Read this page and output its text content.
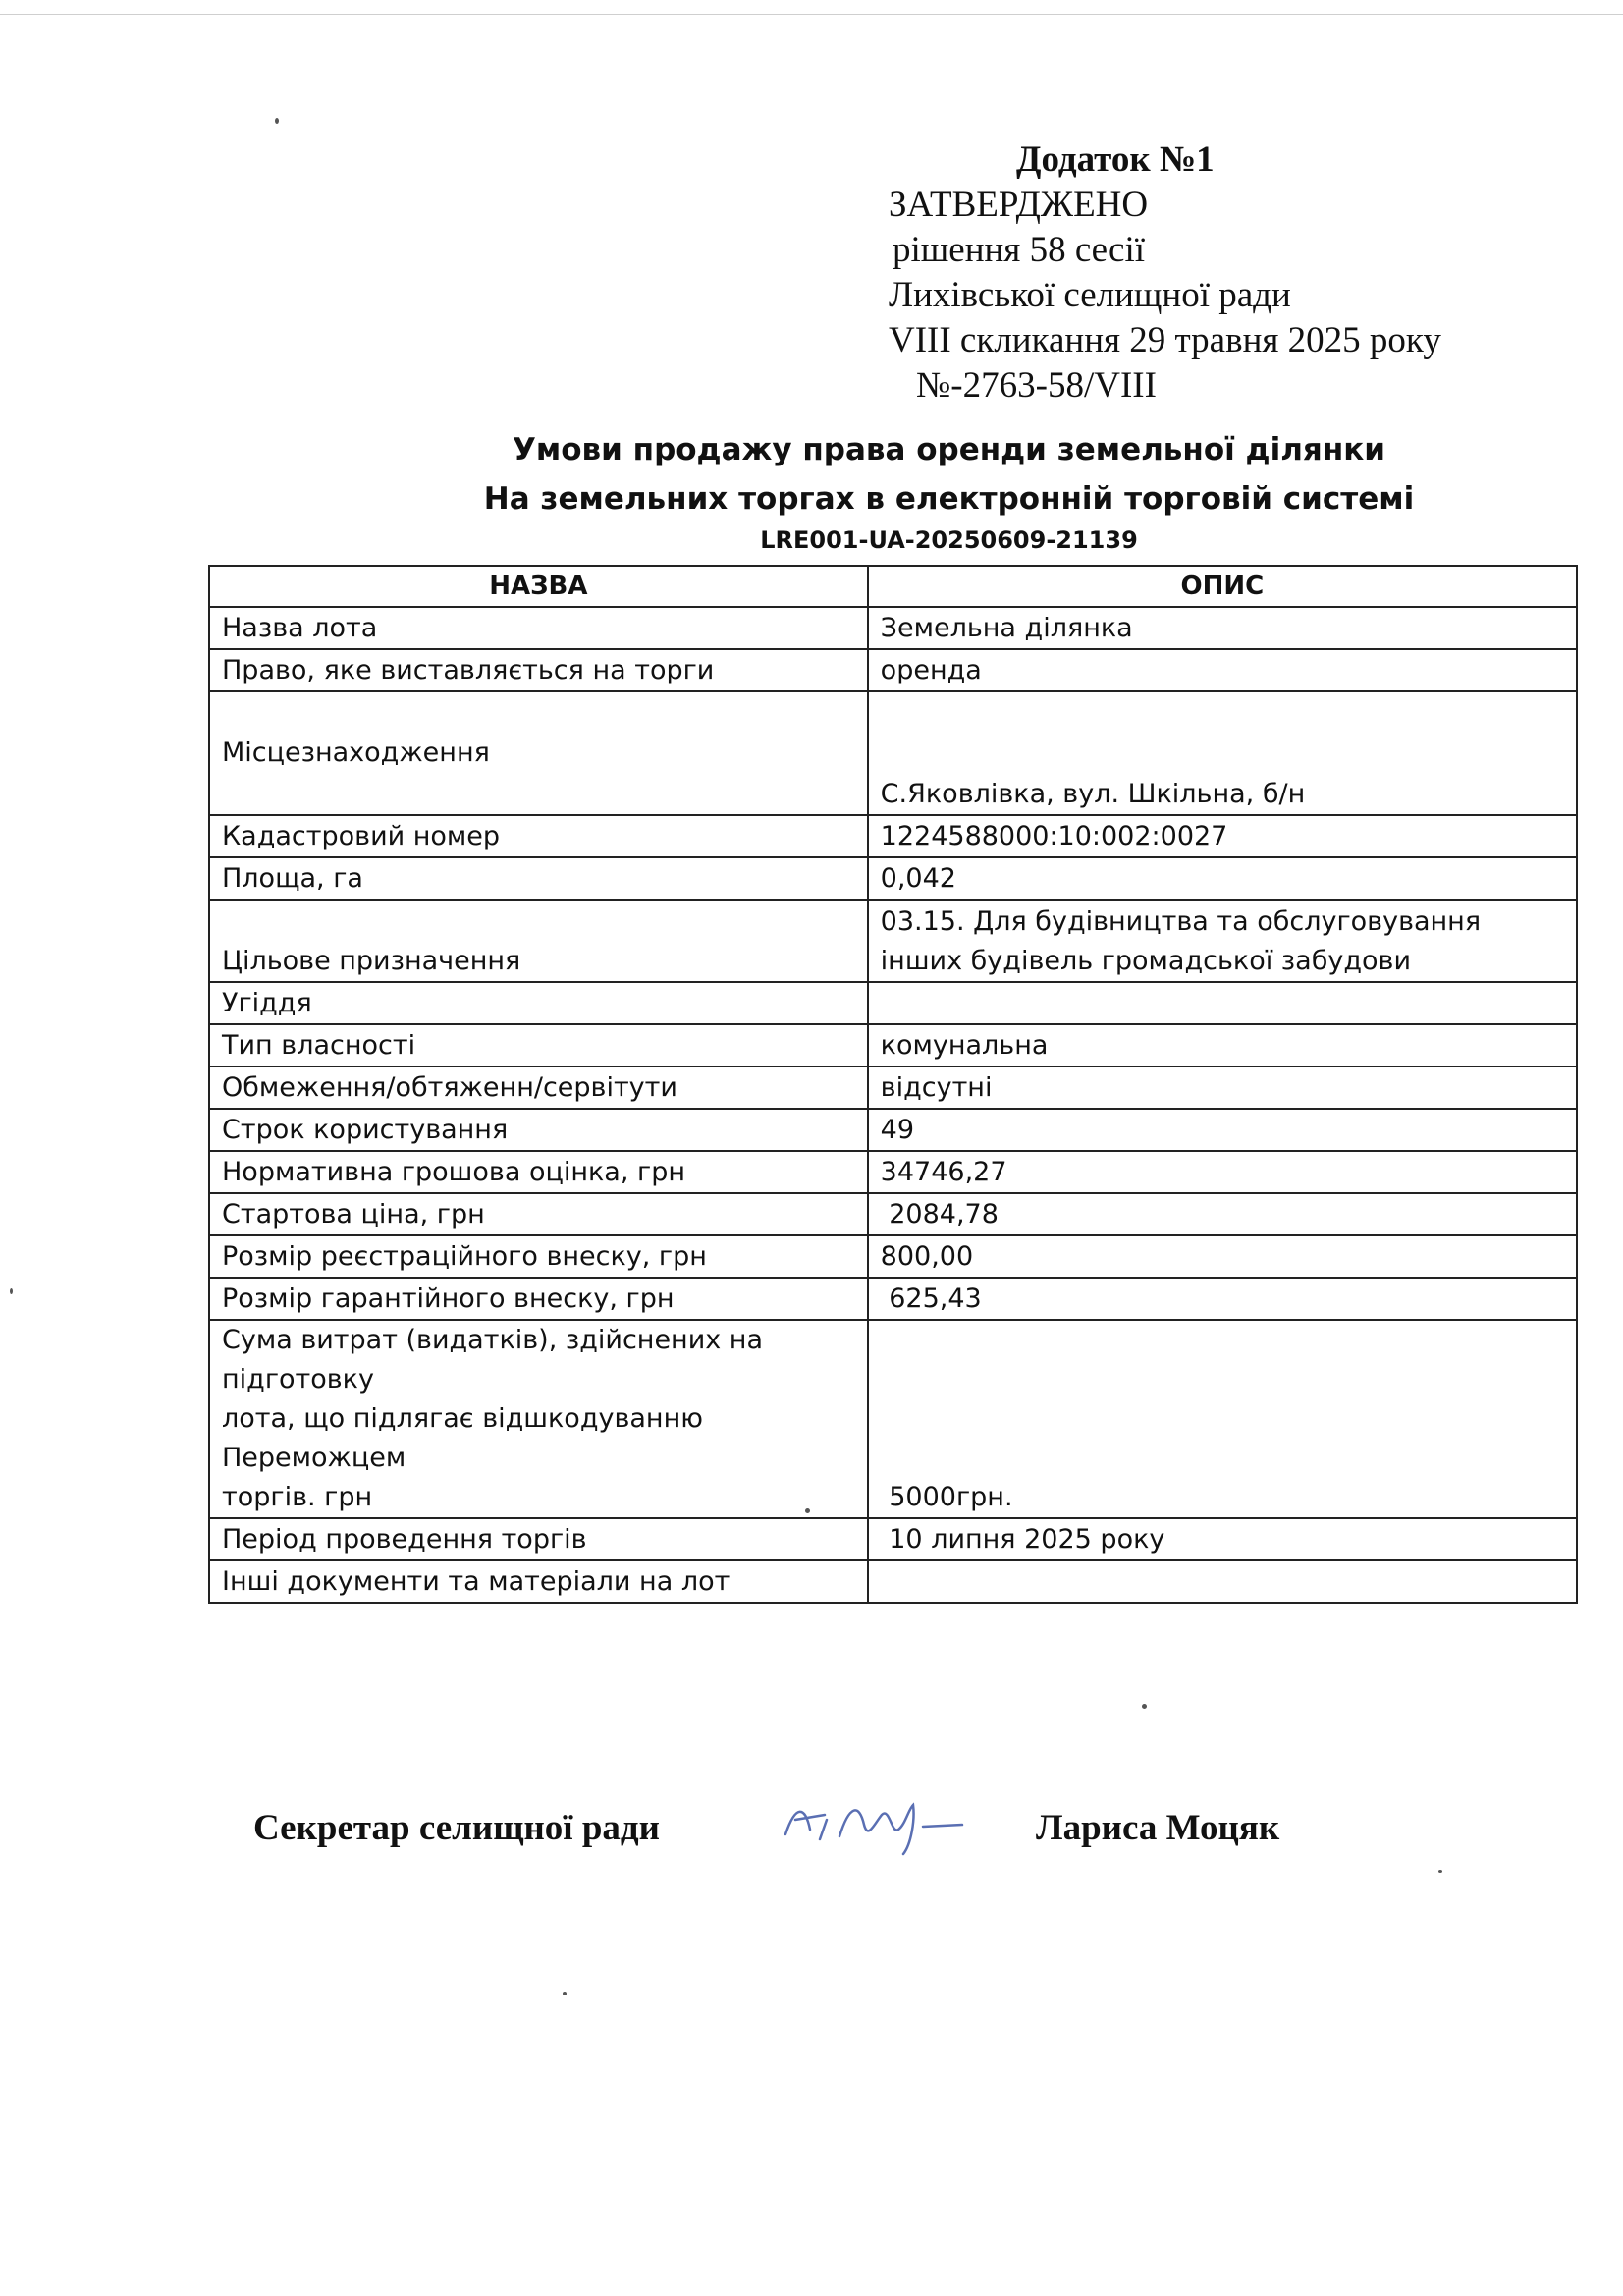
Додаток №1
ЗАТВЕРДЖЕНО
рішення 58 сесії
Лихівської селищної ради
VIII скликання 29 травня 2025 року
№-2763-58/VIII
Умови продажу права оренди земельної ділянки
На земельних торгах в електронній торговій системі
LRE001-UA-20250609-21139
НАЗВА	ОПИС
Назва лота	Земельна ділянка
Право, яке виставляється на торги	оренда
Місцезнаходження	С.Яковлівка, вул. Шкільна, б/н
Кадастровий номер	1224588000:10:002:0027
Площа, га	0,042
Цільове призначення	03.15. Для будівництва та обслуговування інших будівель громадської забудови
Угіддя	
Тип власності	комунальна
Обмеження/обтяженн/сервітути	відсутні
Строк користування	49
Нормативна грошова оцінка, грн	34746,27
Стартова ціна, грн	2084,78
Розмір реєстраційного внеску, грн	800,00
Розмір гарантійного внеску, грн	625,43

Сума витрат (видатків), здійснених на
підготовку
лота, що підлягає відшкодуванню
Переможцем
торгів. грн	5000грн.
Період проведення торгів	10 липня 2025 року
Інші документи та матеріали на лот	
Секретар селищної ради	Лариса Моцяк
